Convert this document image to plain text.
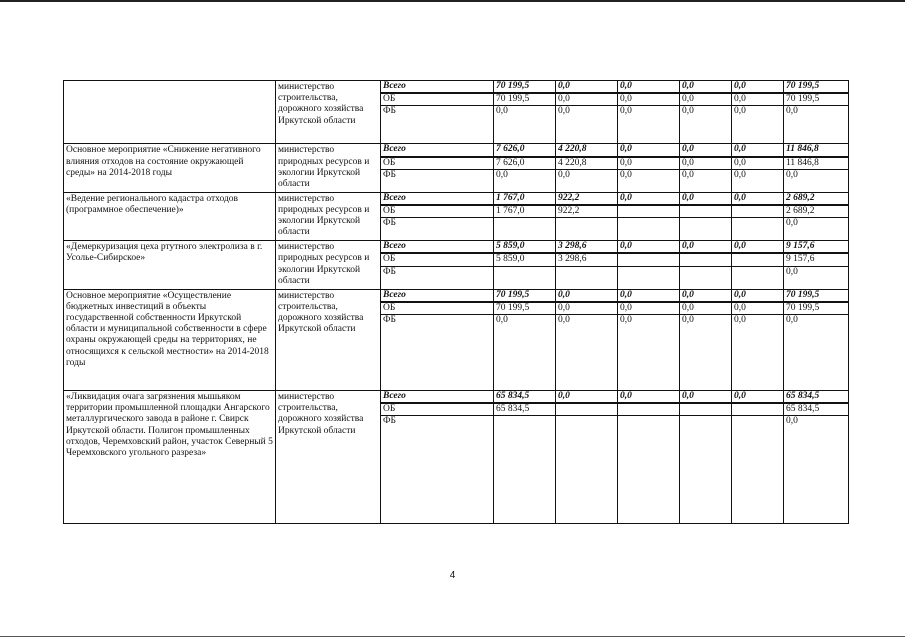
	министерство строительства, дорожного хозяйства Иркутской области	Всего	70 199,5	0,0	0,0	0,0	0,0	70 199,5
		ОБ	70 199,5	0,0	0,0	0,0	0,0	70 199,5
		ФБ	0,0	0,0	0,0	0,0	0,0	0,0
Основное мероприятие «Снижение негативного влияния отходов на состояние окружающей среды» на 2014-2018 годы	министерство природных ресурсов и экологии Иркутской области	Всего	7 626,0	4 220,8	0,0	0,0	0,0	11 846,8
		ОБ	7 626,0	4 220,8	0,0	0,0	0,0	11 846,8
		ФБ	0,0	0,0	0,0	0,0	0,0	0,0
«Ведение регионального кадастра отходов (программное обеспечение)»	министерство природных ресурсов и экологии Иркутской области	Всего	1 767,0	922,2	0,0	0,0	0,0	2 689,2
		ОБ	1 767,0	922,2				2 689,2
		ФБ						0,0
«Демеркуризация цеха ртутного электролиза в г. Усолье-Сибирское»	министерство природных ресурсов и экологии Иркутской области	Всего	5 859,0	3 298,6	0,0	0,0	0,0	9 157,6
		ОБ	5 859,0	3 298,6				9 157,6
		ФБ						0,0
Основное мероприятие «Осуществление бюджетных инвестиций в объекты государственной собственности Иркутской области и муниципальной собственности в сфере охраны окружающей среды на территориях, не относящихся к сельской местности» на 2014-2018 годы	министерство строительства, дорожного хозяйства Иркутской области	Всего	70 199,5	0,0	0,0	0,0	0,0	70 199,5
		ОБ	70 199,5	0,0	0,0	0,0	0,0	70 199,5
		ФБ	0,0	0,0	0,0	0,0	0,0	0,0
«Ликвидация очага загрязнения мышьяком территории промышленной площадки Ангарского металлургического завода в районе г. Свирск Иркутской области. Полигон промышленных отходов, Черемховский район, участок Северный 5 Черемховского угольного разреза»	министерство строительства, дорожного хозяйства Иркутской области	Всего	65 834,5	0,0	0,0	0,0	0,0	65 834,5
		ОБ	65 834,5					65 834,5
		ФБ						0,0
4
